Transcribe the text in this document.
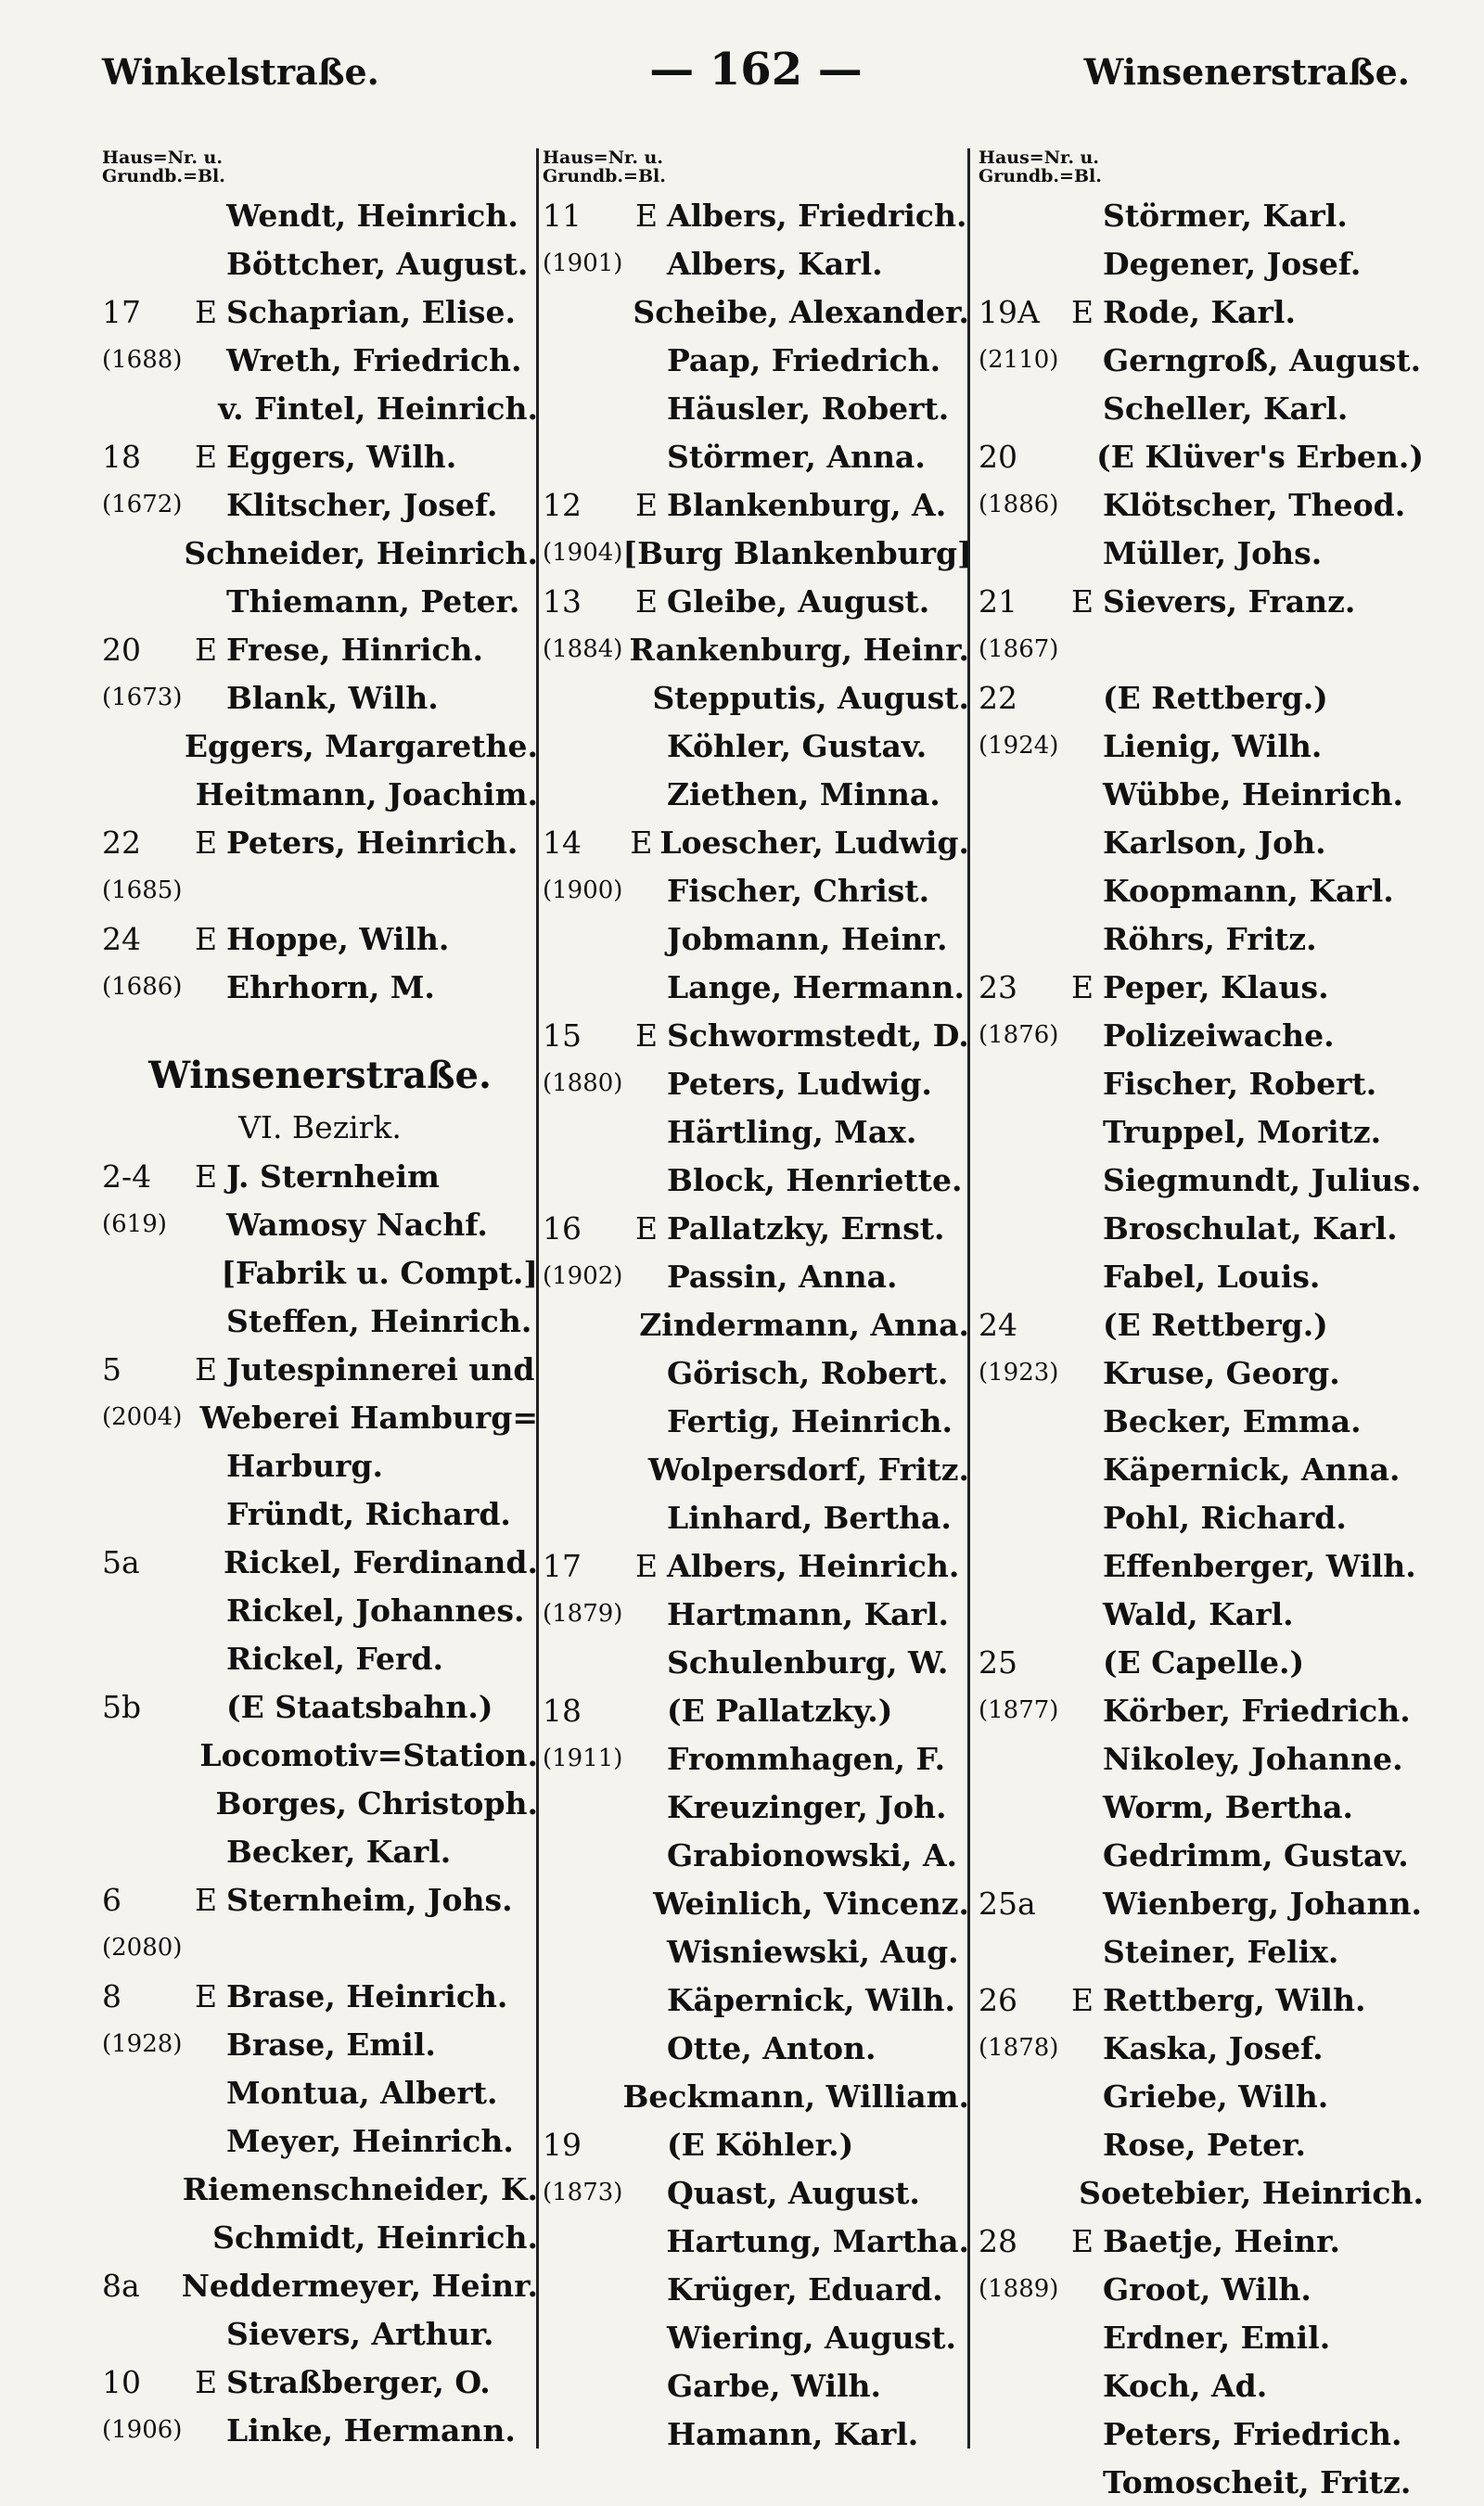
Winkelstraße.	— 162 —	Winsenerstraße.
Haus=Nr. u.
Grundb.=Bl.
Wendt, Heinrich.
Böttcher, August.
17	E Schaprian, Elise.
(1688)	Wreth, Friedrich.
v. Fintel, Heinrich.
18	E Eggers, Wilh.
(1672)	Klitscher, Josef.
Schneider, Heinrich.
Thiemann, Peter.
20	E Frese, Hinrich.
(1673)	Blank, Wilh.
Eggers, Margarethe.
Heitmann, Joachim.
22	E Peters, Heinrich.
(1685)
24	E Hoppe, Wilh.
(1686)	Ehrhorn, M.
Winsenerstraße.
VI. Bezirk.
2-4	E J. Sternheim
(619)	Wamosy Nachf.
[Fabrik u. Compt.]
Steffen, Heinrich.
5	E Jutespinnerei und
(2004) Weberei Hamburg=
Harburg.
Fründt, Richard.
5a	Rickel, Ferdinand.
Rickel, Johannes.
Rickel, Ferd.
5b	(E Staatsbahn.)
Locomotiv=Station.
Borges, Christoph.
Becker, Karl.
6	E Sternheim, Johs.
(2080)
8	E Brase, Heinrich.
(1928)	Brase, Emil.
Montua, Albert.
Meyer, Heinrich.
Riemenschneider, K.
Schmidt, Heinrich.
8a	Neddermeyer, Heinr.
Sievers, Arthur.
10	E Straßberger, O.
(1906)	Linke, Hermann.
Haus=Nr. u.
Grundb.=Bl.
11	E Albers, Friedrich.
(1901)	Albers, Karl.
Scheibe, Alexander.
Paap, Friedrich.
Häusler, Robert.
Störmer, Anna.
12	E Blankenburg, A.
(1904) [Burg Blankenburg]
13	E Gleibe, August.
(1884) Rankenburg, Heinr.
Stepputis, August.
Köhler, Gustav.
Ziethen, Minna.
14	E Loescher, Ludwig.
(1900)	Fischer, Christ.
Jobmann, Heinr.
Lange, Hermann.
15	E Schwormstedt, D.
(1880)	Peters, Ludwig.
Härtling, Max.
Block, Henriette.
16	E Pallatzky, Ernst.
(1902)	Passin, Anna.
Zindermann, Anna.
Görisch, Robert.
Fertig, Heinrich.
Wolpersdorf, Fritz.
Linhard, Bertha.
17	E Albers, Heinrich.
(1879)	Hartmann, Karl.
Schulenburg, W.
18	(E Pallatzky.)
(1911)	Frommhagen, F.
Kreuzinger, Joh.
Grabionowski, A.
Weinlich, Vincenz.
Wisniewski, Aug.
Käpernick, Wilh.
Otte, Anton.
Beckmann, William.
19	(E Köhler.)
(1873)	Quast, August.
Hartung, Martha.
Krüger, Eduard.
Wiering, August.
Garbe, Wilh.
Hamann, Karl.
Haus=Nr. u.
Grundb.=Bl.
Störmer, Karl.
Degener, Josef.
19A	E Rode, Karl.
(2110)	Gerngroß, August.
Scheller, Karl.
20	(E Klüver's Erben.)
(1886)	Klötscher, Theod.
Müller, Johs.
21	E Sievers, Franz.
(1867)
22	(E Rettberg.)
(1924)	Lienig, Wilh.
Wübbe, Heinrich.
Karlson, Joh.
Koopmann, Karl.
Röhrs, Fritz.
23	E Peper, Klaus.
(1876)	Polizeiwache.
Fischer, Robert.
Truppel, Moritz.
Siegmundt, Julius.
Broschulat, Karl.
Fabel, Louis.
24	(E Rettberg.)
(1923)	Kruse, Georg.
Becker, Emma.
Käpernick, Anna.
Pohl, Richard.
Effenberger, Wilh.
Wald, Karl.
25	(E Capelle.)
(1877)	Körber, Friedrich.
Nikoley, Johanne.
Worm, Bertha.
Gedrimm, Gustav.
25a	Wienberg, Johann.
Steiner, Felix.
26	E Rettberg, Wilh.
(1878)	Kaska, Josef.
Griebe, Wilh.
Rose, Peter.
Soetebier, Heinrich.
28	E Baetje, Heinr.
(1889)	Groot, Wilh.
Erdner, Emil.
Koch, Ad.
Peters, Friedrich.
Tomoscheit, Fritz.
